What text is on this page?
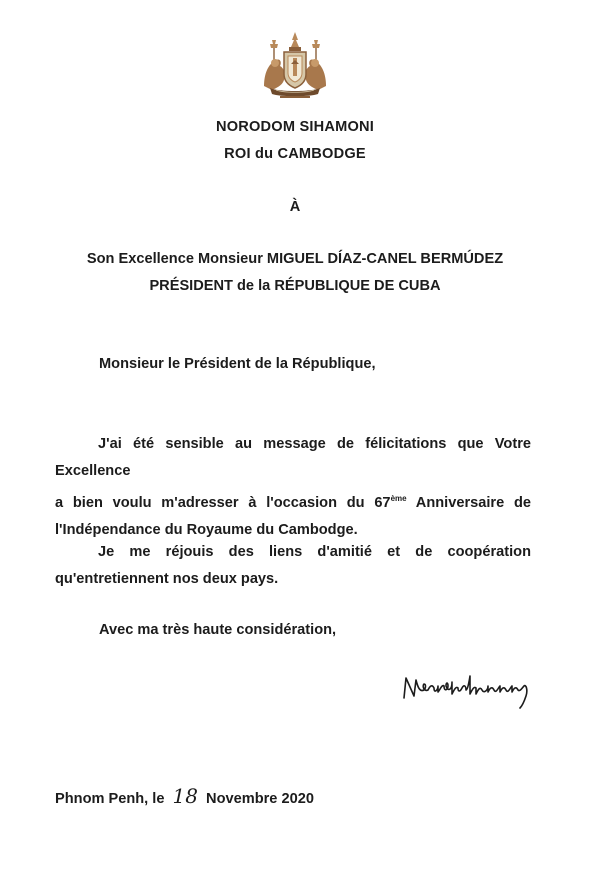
NORODOM SIHAMONI
ROI du CAMBODGE
À
Son Excellence Monsieur MIGUEL DÍAZ-CANEL BERMÚDEZ
PRÉSIDENT de la RÉPUBLIQUE DE CUBA
Monsieur le Président de la République,
J'ai été sensible au message de félicitations que Votre Excellence
a bien voulu m'adresser à l'occasion du 67ème Anniversaire de
l'Indépendance du Royaume du Cambodge.
Je me réjouis des liens d'amitié et de coopération
qu'entretiennent nos deux pays.
Avec ma très haute considération,
Phnom Penh, le 18 Novembre 2020
